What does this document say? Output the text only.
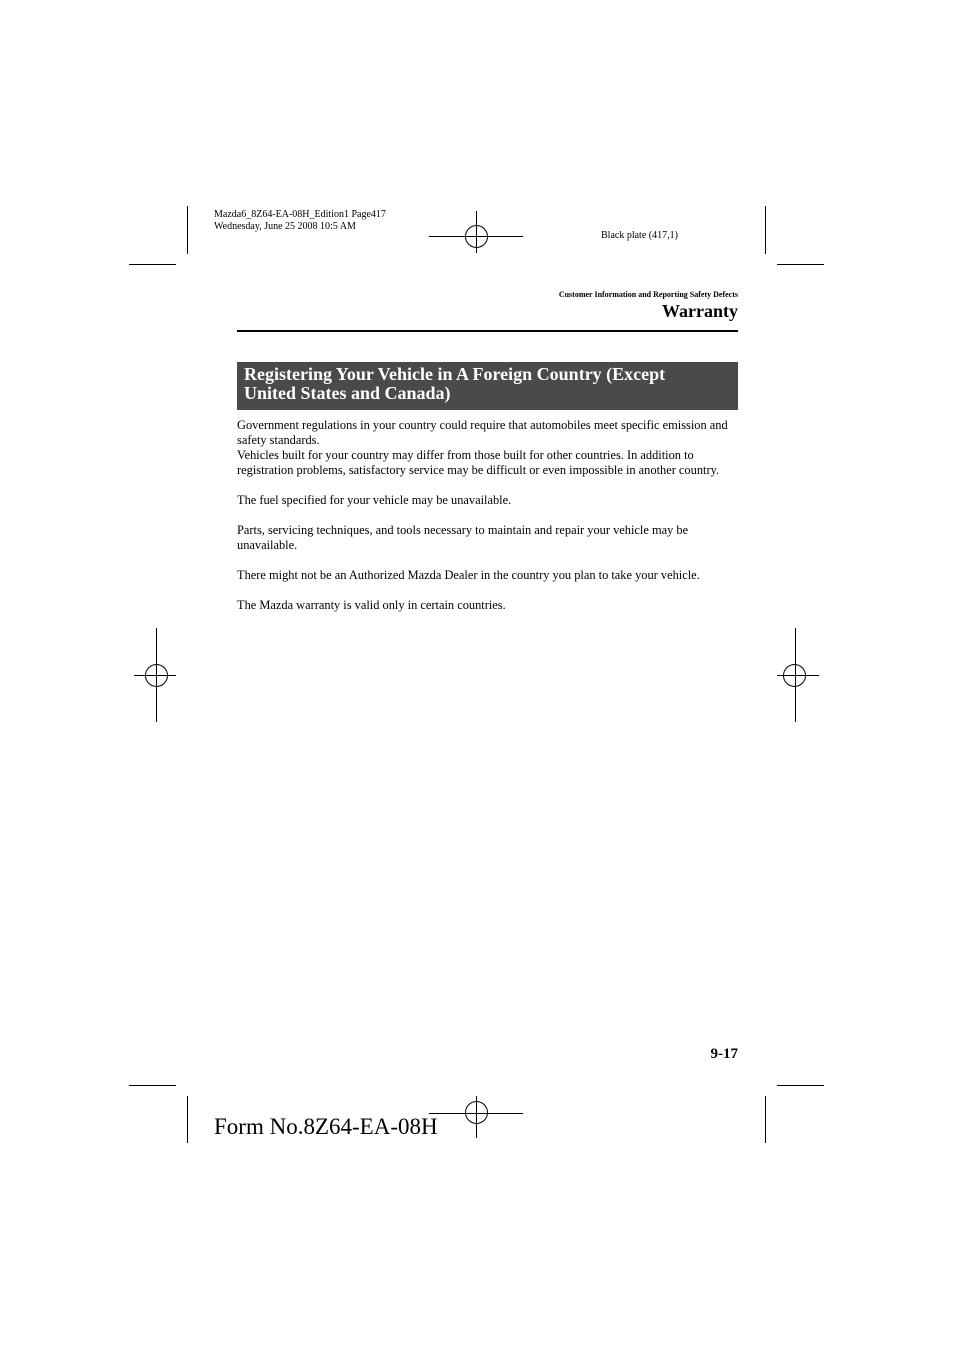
Mazda6_8Z64-EA-08H_Edition1 Page417
Wednesday, June 25 2008 10:5 AM
Black plate (417,1)
Customer Information and Reporting Safety Defects
Warranty

Registering Your Vehicle in A Foreign Country (Except
United States and Canada)

Government regulations in your country could require that automobiles meet specific emission and safety standards.

Vehicles built for your country may differ from those built for other countries. In addition to registration problems, satisfactory service may be difficult or even impossible in another country.

The fuel specified for your vehicle may be unavailable.

Parts, servicing techniques, and tools necessary to maintain and repair your vehicle may be unavailable.

There might not be an Authorized Mazda Dealer in the country you plan to take your vehicle.

The Mazda warranty is valid only in certain countries.

9-17
Form No.8Z64-EA-08H
